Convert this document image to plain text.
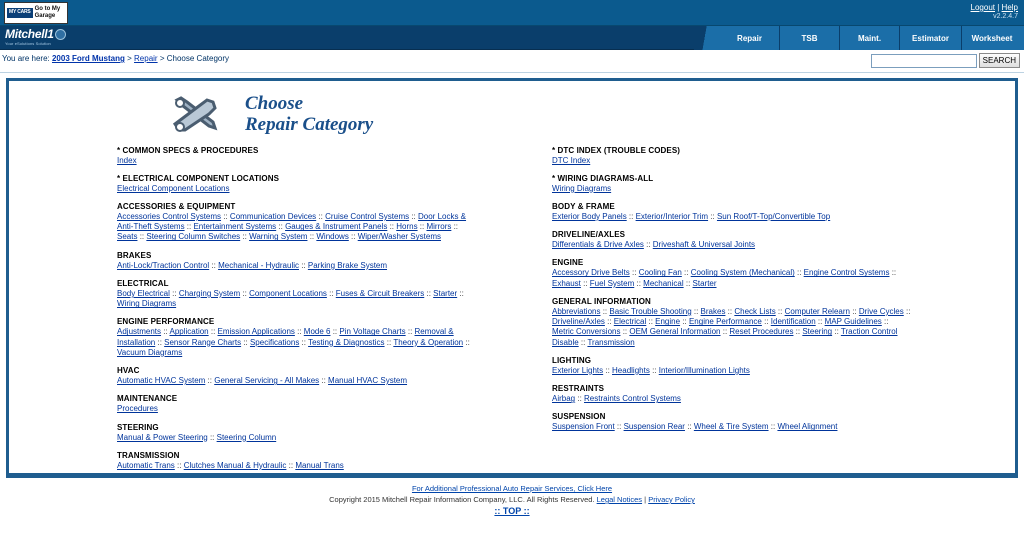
MY CARS Go to My Garage
Logout | Help
v2.2.4.7
Mitchell1
Your eSolutions Solution
Repair	TSB	Maint.	Estimator	Worksheet
You are here: 2003 Ford Mustang > Repair > Choose Category	SEARCH
Choose
Repair Category
* COMMON SPECS & PROCEDURES
Index
* ELECTRICAL COMPONENT LOCATIONS
Electrical Component Locations
ACCESSORIES & EQUIPMENT
Accessories Control Systems :: Communication Devices :: Cruise Control Systems :: Door Locks & Anti-Theft Systems :: Entertainment Systems :: Gauges & Instrument Panels :: Horns :: Mirrors :: Seats :: Steering Column Switches :: Warning System :: Windows :: Wiper/Washer Systems
BRAKES
Anti-Lock/Traction Control :: Mechanical - Hydraulic :: Parking Brake System
ELECTRICAL
Body Electrical :: Charging System :: Component Locations :: Fuses & Circuit Breakers :: Starter :: Wiring Diagrams
ENGINE PERFORMANCE
Adjustments :: Application :: Emission Applications :: Mode 6 :: Pin Voltage Charts :: Removal & Installation :: Sensor Range Charts :: Specifications :: Testing & Diagnostics :: Theory & Operation :: Vacuum Diagrams
HVAC
Automatic HVAC System :: General Servicing - All Makes :: Manual HVAC System
MAINTENANCE
Procedures
STEERING
Manual & Power Steering :: Steering Column
TRANSMISSION
Automatic Trans :: Clutches Manual & Hydraulic :: Manual Trans
* DTC INDEX (TROUBLE CODES)
DTC Index
* WIRING DIAGRAMS-ALL
Wiring Diagrams
BODY & FRAME
Exterior Body Panels :: Exterior/Interior Trim :: Sun Roof/T-Top/Convertible Top
DRIVELINE/AXLES
Differentials & Drive Axles :: Driveshaft & Universal Joints
ENGINE
Accessory Drive Belts :: Cooling Fan :: Cooling System (Mechanical) :: Engine Control Systems :: Exhaust :: Fuel System :: Mechanical :: Starter
GENERAL INFORMATION
Abbreviations :: Basic Trouble Shooting :: Brakes :: Check Lists :: Computer Relearn :: Drive Cycles :: Driveline/Axles :: Electrical :: Engine :: Engine Performance :: Identification :: MAP Guidelines :: Metric Conversions :: OEM General Information :: Reset Procedures :: Steering :: Traction Control Disable :: Transmission
LIGHTING
Exterior Lights :: Headlights :: Interior/Illumination Lights
RESTRAINTS
Airbag :: Restraints Control Systems
SUSPENSION
Suspension Front :: Suspension Rear :: Wheel & Tire System :: Wheel Alignment
For Additional Professional Auto Repair Services, Click Here
Copyright 2015 Mitchell Repair Information Company, LLC. All Rights Reserved. Legal Notices | Privacy Policy
:: TOP ::
